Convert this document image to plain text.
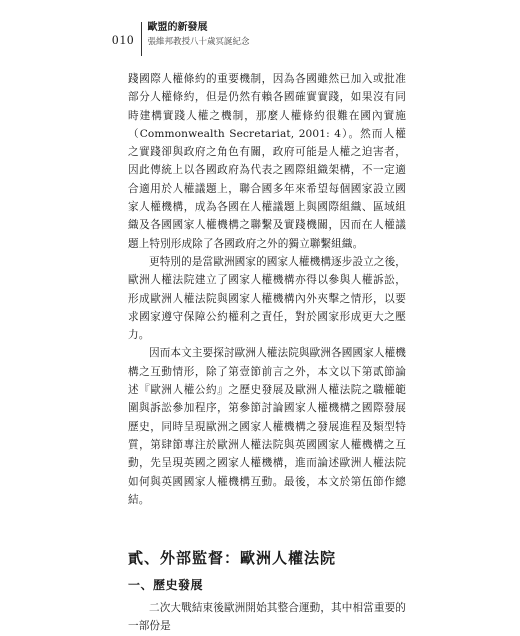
010
歐盟的新發展
張維邦教授八十歲冥誕紀念

踐國際人權條約的重要機制，因為各國雖然已加入或批准部分人權條約，但是仍然有賴各國確實實踐，如果沒有同時建構實踐人權之機制，那麼人權條約很難在國內實施（Commonwealth Secretariat, 2001: 4）。然而人權之實踐卻與政府之角色有關，政府可能是人權之迫害者，因此傳統上以各國政府為代表之國際組織架構，不一定適合適用於人權議題上，聯合國多年來希望每個國家設立國家人權機構，成為各國在人權議題上與國際組織、區域組織及各國國家人權機構之聯繫及實踐機關，因而在人權議題上特別形成除了各國政府之外的獨立聯繫組織。

更特別的是當歐洲國家的國家人權機構逐步設立之後，歐洲人權法院建立了國家人權機構亦得以參與人權訴訟，形成歐洲人權法院與國家人權機構內外夾擊之情形，以要求國家遵守保障公約權利之責任，對於國家形成更大之壓力。

因而本文主要探討歐洲人權法院與歐洲各國國家人權機構之互動情形，除了第壹節前言之外，本文以下第貳節論述『歐洲人權公約』之歷史發展及歐洲人權法院之職權範圍與訴訟參加程序，第參節討論國家人權機構之國際發展歷史，同時呈現歐洲之國家人權機構之發展進程及類型特質，第肆節專注於歐洲人權法院與英國國家人權機構之互動，先呈現英國之國家人權機構，進而論述歐洲人權法院如何與英國國家人權機構互動。最後，本文於第伍節作總結。

貳、外部監督：歐洲人權法院
一、歷史發展

二次大戰結束後歐洲開始其整合運動，其中相當重要的一部份是
